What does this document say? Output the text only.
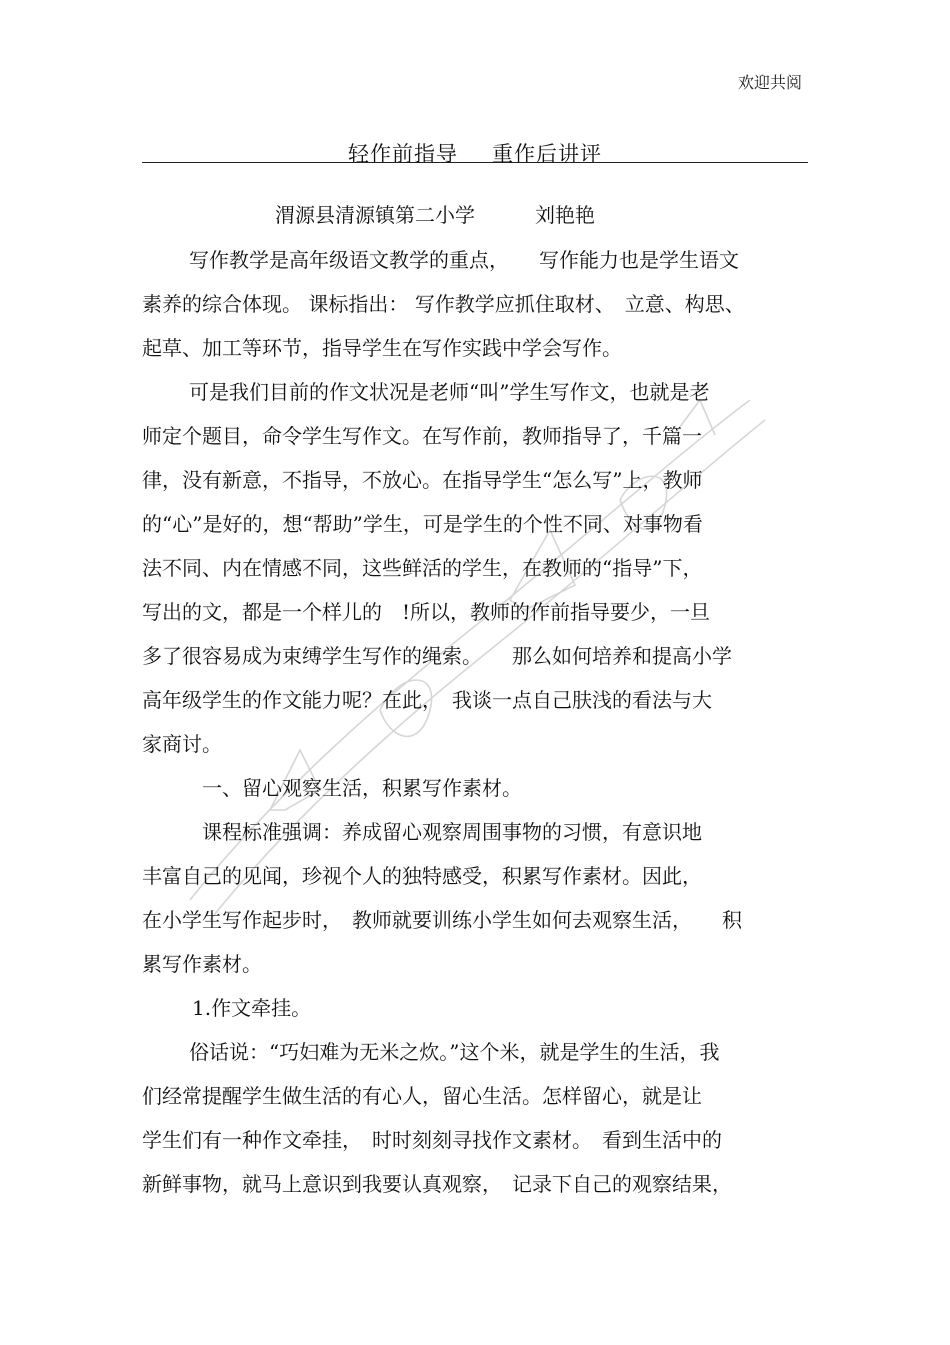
欢迎共阅
轻作前指导 重作后讲评
渭源县清源镇第二小学	刘艳艳
写作教学是高年级语文教学的重点，　　写作能力也是学生语文
素养的综合体现。 课标指出： 写作教学应抓住取材、　立意、构思、
起草、加工等环节，指导学生在写作实践中学会写作。
可是我们目前的作文状况是老师“叫”学生写作文，也就是老
师定个题目，命令学生写作文。在写作前，教师指导了，千篇一
律，没有新意，不指导，不放心。在指导学生“怎么写”上，教师
的“心”是好的，想“帮助”学生，可是学生的个性不同、对事物看
法不同、内在情感不同，这些鲜活的学生，在教师的“指导”下，
写出的文，都是一个样儿的　!所以，教师的作前指导要少，一旦
多了很容易成为束缚学生写作的绳索。　　那么如何培养和提高小学
高年级学生的作文能力呢？在此，　我谈一点自己肤浅的看法与大
家商讨。
一、留心观察生活，积累写作素材。
课程标准强调：养成留心观察周围事物的习惯，有意识地
丰富自己的见闻，珍视个人的独特感受，积累写作素材。因此，
在小学生写作起步时，　教师就要训练小学生如何去观察生活，　　积
累写作素材。
1.作文牵挂。
俗话说：“巧妇难为无米之炊。”这个米，就是学生的生活，我
们经常提醒学生做生活的有心人，留心生活。怎样留心，就是让
学生们有一种作文牵挂，　时时刻刻寻找作文素材。　看到生活中的
新鲜事物，就马上意识到我要认真观察，　记录下自己的观察结果，
